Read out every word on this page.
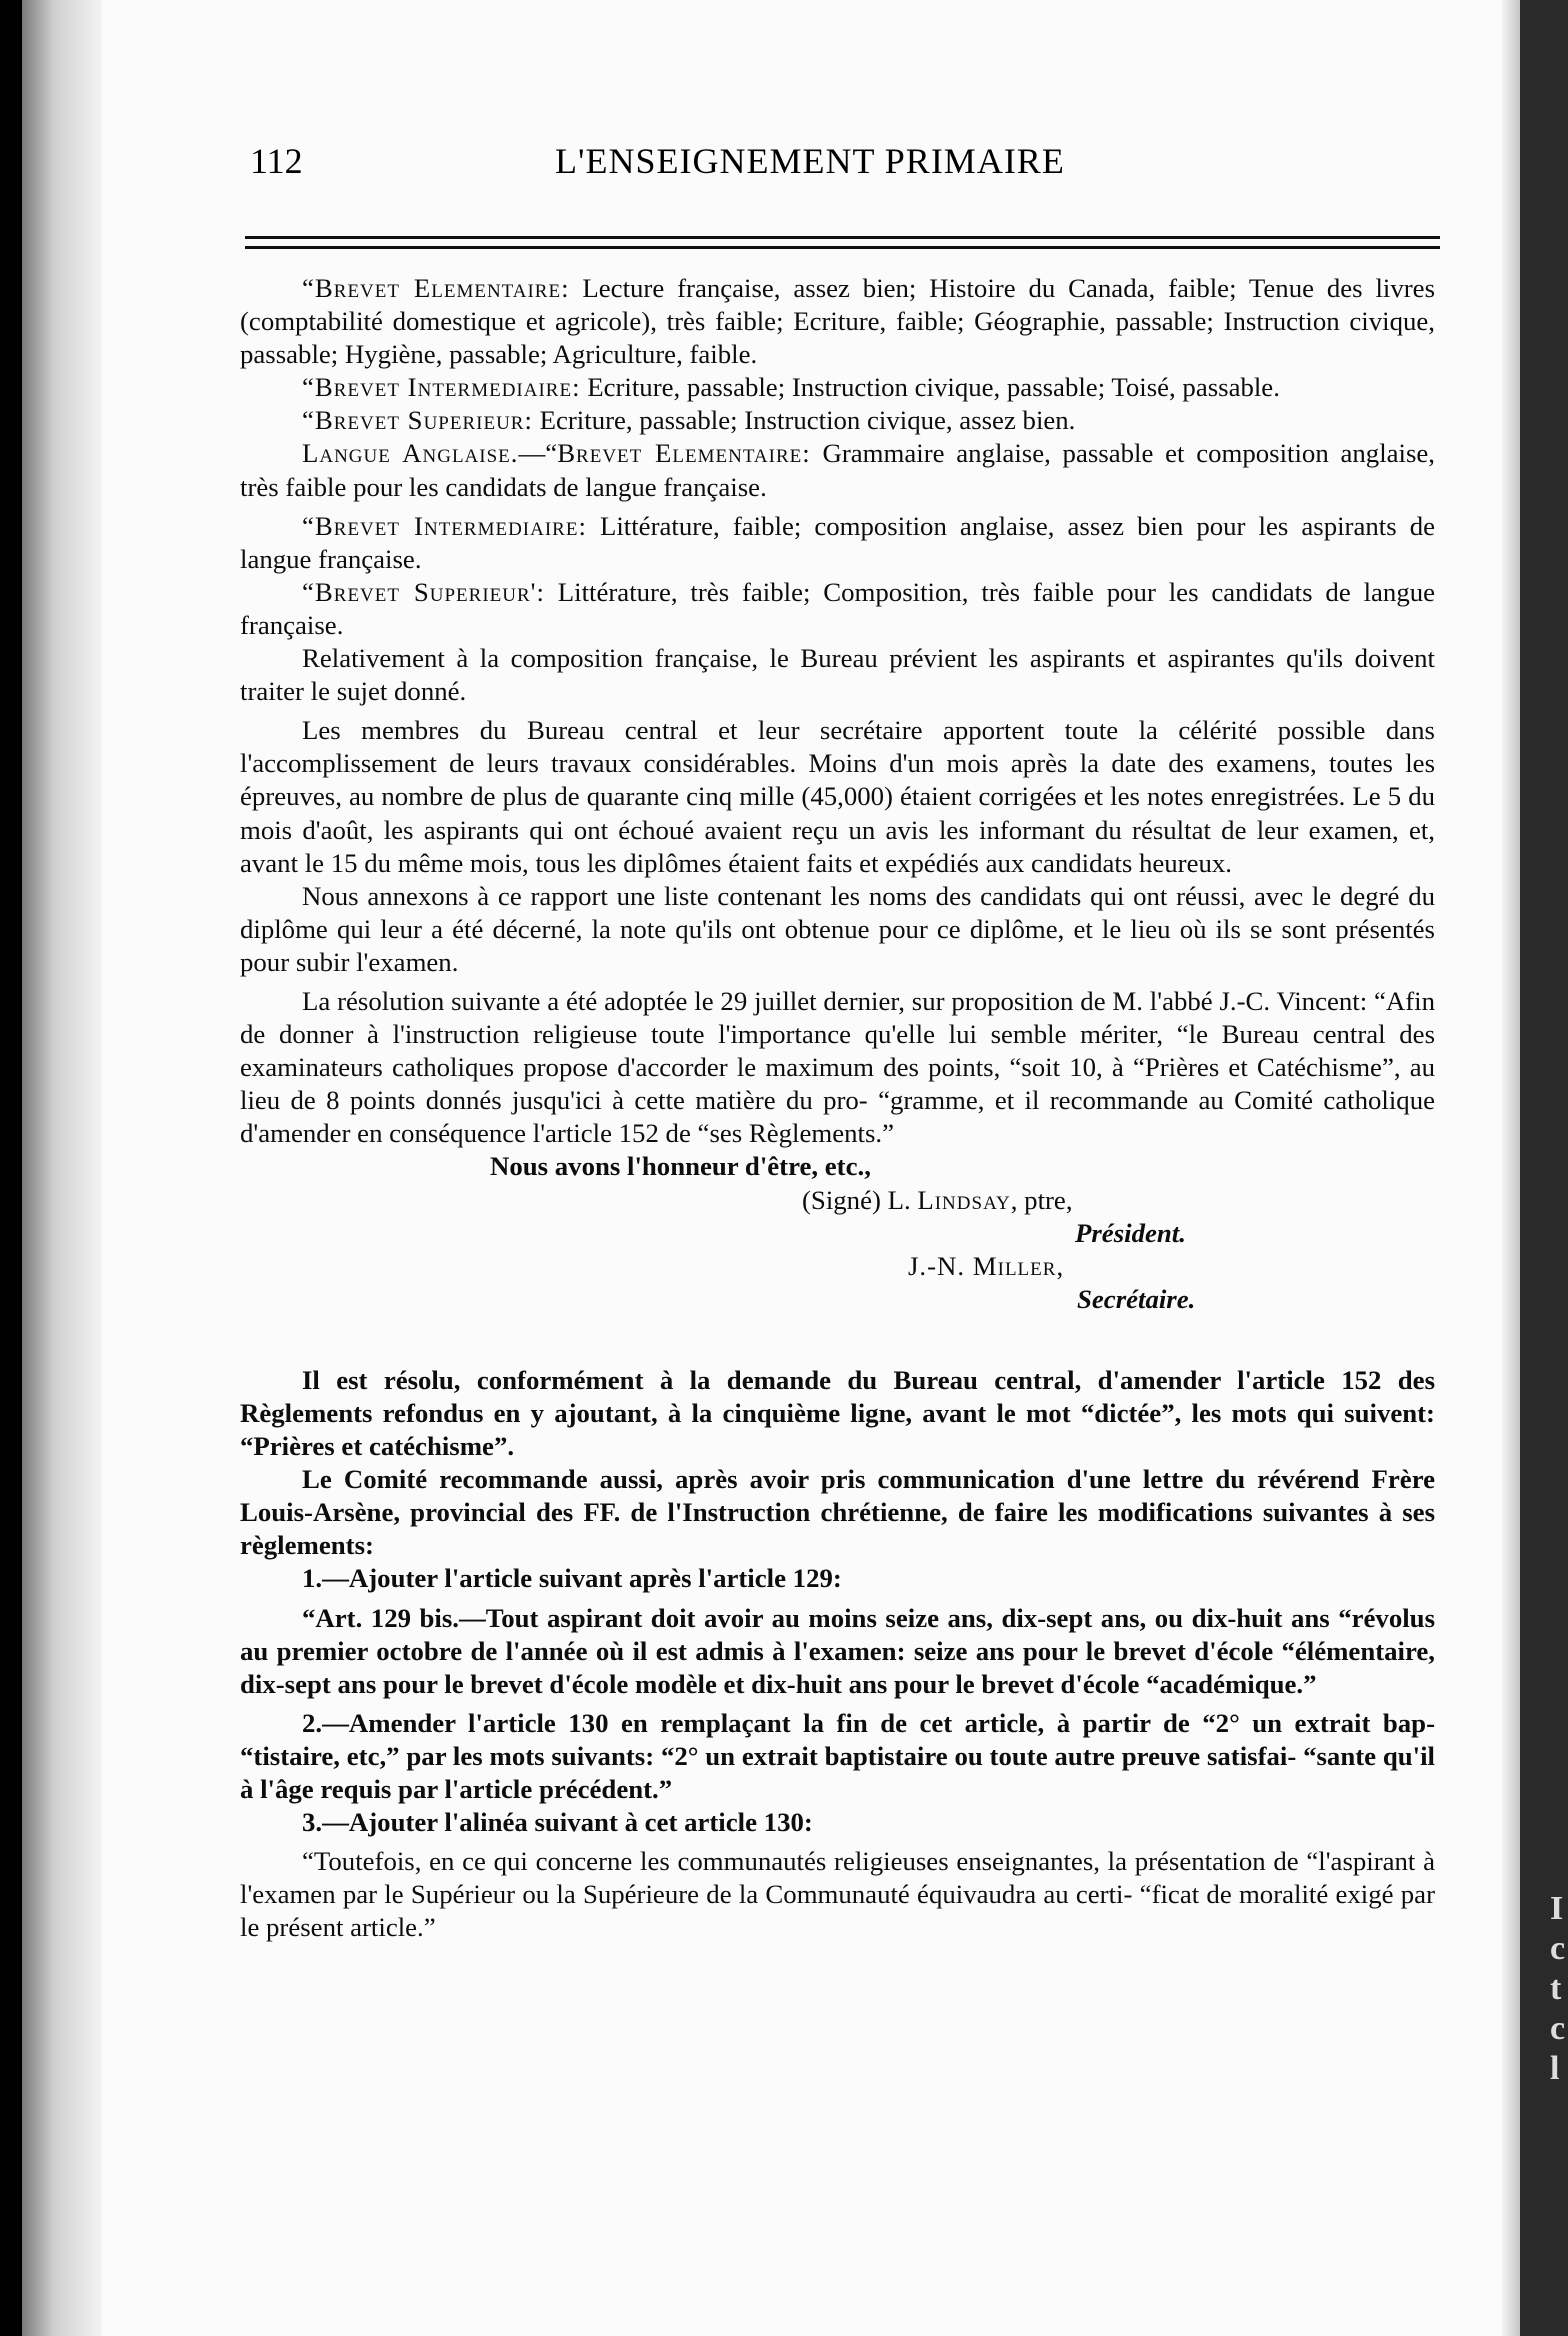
I
c
t
c
l
112	L'ENSEIGNEMENT PRIMAIRE

“Brevet Elementaire: Lecture française, assez bien; Histoire du Canada, faible; Tenue des livres (comptabilité domestique et agricole), très faible; Ecriture, faible; Géographie, passable; Instruction civique, passable; Hygiène, passable; Agriculture, faible.

“Brevet Intermediaire: Ecriture, passable; Instruction civique, passable; Toisé, passable.

“Brevet Superieur: Ecriture, passable; Instruction civique, assez bien.

Langue Anglaise.—“Brevet Elementaire: Grammaire anglaise, passable et composition anglaise, très faible pour les candidats de langue française.

“Brevet Intermediaire: Littérature, faible; composition anglaise, assez bien pour les aspirants de langue française.

“Brevet Superieur': Littérature, très faible; Composition, très faible pour les candidats de langue française.

Relativement à la composition française, le Bureau prévient les aspirants et aspirantes qu'ils doivent traiter le sujet donné.

Les membres du Bureau central et leur secrétaire apportent toute la célérité possible dans l'accomplissement de leurs travaux considérables. Moins d'un mois après la date des examens, toutes les épreuves, au nombre de plus de quarante cinq mille (45,000) étaient corrigées et les notes enregistrées. Le 5 du mois d'août, les aspirants qui ont échoué avaient reçu un avis les informant du résultat de leur examen, et, avant le 15 du même mois, tous les diplômes étaient faits et expédiés aux candidats heureux.

Nous annexons à ce rapport une liste contenant les noms des candidats qui ont réussi, avec le degré du diplôme qui leur a été décerné, la note qu'ils ont obtenue pour ce diplôme, et le lieu où ils se sont présentés pour subir l'examen.

La résolution suivante a été adoptée le 29 juillet dernier, sur proposition de M. l'abbé J.-C. Vincent: “Afin de donner à l'instruction religieuse toute l'importance qu'elle lui semble mériter, “le Bureau central des examinateurs catholiques propose d'accorder le maximum des points, “soit 10, à “Prières et Catéchisme”, au lieu de 8 points donnés jusqu'ici à cette matière du pro- “gramme, et il recommande au Comité catholique d'amender en conséquence l'article 152 de “ses Règlements.”

Nous avons l'honneur d'être, etc.,
(Signé) L. Lindsay, ptre,
Président.
J.-N. Miller,
Secrétaire.

Il est résolu, conformément à la demande du Bureau central, d'amender l'article 152 des Règlements refondus en y ajoutant, à la cinquième ligne, avant le mot “dictée”, les mots qui suivent: “Prières et catéchisme”.

Le Comité recommande aussi, après avoir pris communication d'une lettre du révérend Frère Louis-Arsène, provincial des FF. de l'Instruction chrétienne, de faire les modifications suivantes à ses règlements:

1.—Ajouter l'article suivant après l'article 129:

“Art. 129 bis.—Tout aspirant doit avoir au moins seize ans, dix-sept ans, ou dix-huit ans “révolus au premier octobre de l'année où il est admis à l'examen: seize ans pour le brevet d'école “élémentaire, dix-sept ans pour le brevet d'école modèle et dix-huit ans pour le brevet d'école “académique.”

2.—Amender l'article 130 en remplaçant la fin de cet article, à partir de “2° un extrait bap- “tistaire, etc,” par les mots suivants: “2° un extrait baptistaire ou toute autre preuve satisfai- “sante qu'il à l'âge requis par l'article précédent.”

3.—Ajouter l'alinéa suivant à cet article 130:

“Toutefois, en ce qui concerne les communautés religieuses enseignantes, la présentation de “l'aspirant à l'examen par le Supérieur ou la Supérieure de la Communauté équivaudra au certi- “ficat de moralité exigé par le présent article.”
